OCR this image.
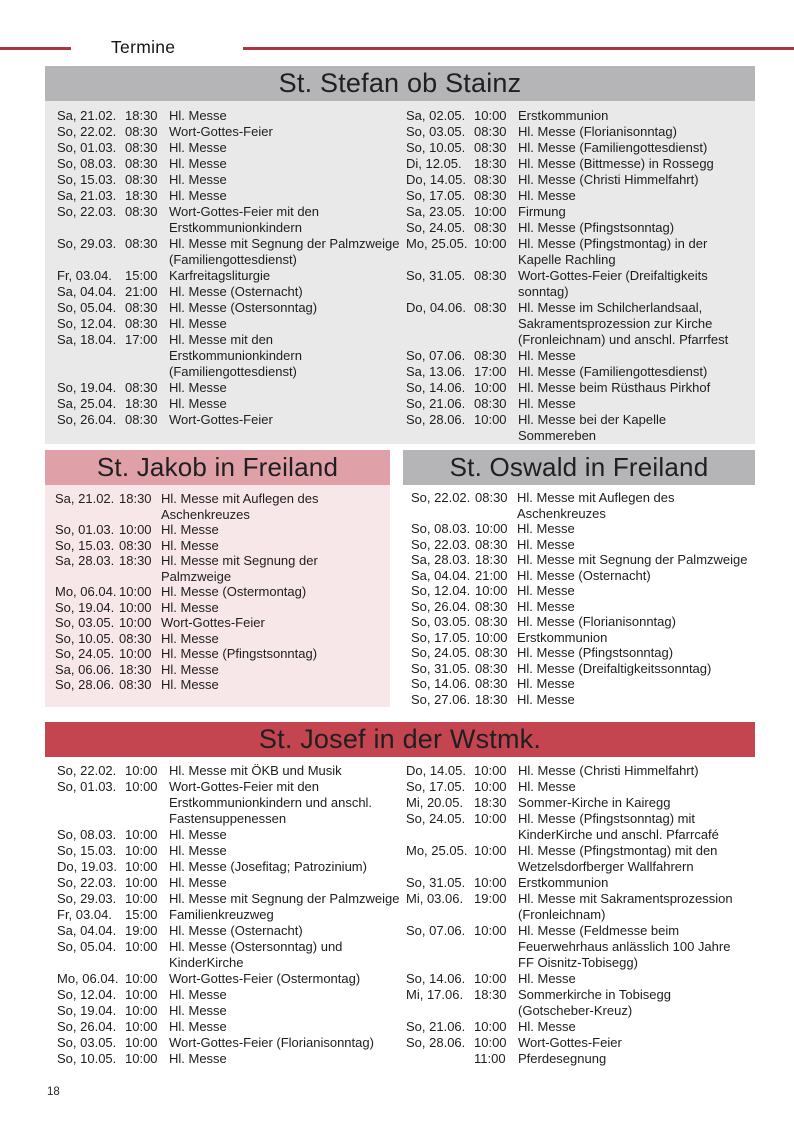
Termine
St. Stefan ob Stainz
Sa, 21.02. 18:30 Hl. Messe
So, 22.02. 08:30 Wort-Gottes-Feier
So, 01.03. 08:30 Hl. Messe
So, 08.03. 08:30 Hl. Messe
So, 15.03. 08:30 Hl. Messe
Sa, 21.03. 18:30 Hl. Messe
So, 22.03. 08:30 Wort-Gottes-Feier mit den Erstkommunionkindern
So, 29.03. 08:30 Hl. Messe mit Segnung der Palmzweige (Familiengottesdienst)
Fr, 03.04.	15:00 Karfreitagsliturgie
Sa, 04.04. 21:00 Hl. Messe (Osternacht)
So, 05.04. 08:30 Hl. Messe (Ostersonntag)
So, 12.04. 08:30 Hl. Messe
Sa, 18.04. 17:00 Hl. Messe mit den Erstkommunionkindern (Familiengottesdienst)
So, 19.04. 08:30 Hl. Messe
Sa, 25.04. 18:30 Hl. Messe
So, 26.04. 08:30 Wort-Gottes-Feier
Sa, 02.05. 10:00 Erstkommunion
So, 03.05. 08:30 Hl. Messe (Florianisonntag)
So, 10.05. 08:30 Hl. Messe (Familiengottesdienst)
Di, 12.05. 18:30 Hl. Messe (Bittmesse) in Rossegg
Do, 14.05. 08:30 Hl. Messe (Christi Himmelfahrt)
So, 17.05. 08:30 Hl. Messe
Sa, 23.05. 10:00 Firmung
So, 24.05. 08:30 Hl. Messe (Pfingstsonntag)
Mo, 25.05. 10:00 Hl. Messe (Pfingstmontag) in der Kapelle Rachling
So, 31.05. 08:30 Wort-Gottes-Feier (Dreifaltigkeits sonntag)
Do, 04.06. 08:30 Hl. Messe im Schilcherlandsaal, Sakramentsprozession zur Kirche (Fronleichnam) und anschl. Pfarrfest
So, 07.06. 08:30 Hl. Messe
Sa, 13.06. 17:00 Hl. Messe (Familiengottesdienst)
So, 14.06. 10:00 Hl. Messe beim Rüsthaus Pirkhof
So, 21.06. 08:30 Hl. Messe
So, 28.06. 10:00 Hl. Messe bei der Kapelle Sommereben
St. Jakob in Freiland
Sa, 21.02. 18:30 Hl. Messe mit Auflegen des Aschenkreuzes
So, 01.03. 10:00 Hl. Messe
So, 15.03. 08:30 Hl. Messe
Sa, 28.03. 18:30 Hl. Messe mit Segnung der Palmzweige
Mo, 06.04. 10:00 Hl. Messe (Ostermontag)
So, 19.04. 10:00 Hl. Messe
So, 03.05. 10:00 Wort-Gottes-Feier
So, 10.05. 08:30 Hl. Messe
So, 24.05. 10:00 Hl. Messe (Pfingstsonntag)
Sa, 06.06. 18:30 Hl. Messe
So, 28.06. 08:30 Hl. Messe
St. Oswald in Freiland
So, 22.02. 08:30 Hl. Messe mit Auflegen des Aschenkreuzes
So, 08.03. 10:00 Hl. Messe
So, 22.03. 08:30 Hl. Messe
Sa, 28.03. 18:30 Hl. Messe mit Segnung der Palmzweige
Sa, 04.04. 21:00 Hl. Messe (Osternacht)
So, 12.04. 10:00 Hl. Messe
So, 26.04. 08:30 Hl. Messe
So, 03.05. 08:30 Hl. Messe (Florianisonntag)
So, 17.05. 10:00 Erstkommunion
So, 24.05. 08:30 Hl. Messe (Pfingstsonntag)
So, 31.05. 08:30 Hl. Messe (Dreifaltigkeitssonntag)
So, 14.06. 08:30 Hl. Messe
So, 27.06. 18:30 Hl. Messe
St. Josef in der Wstmk.
So, 22.02. 10:00 Hl. Messe mit ÖKB und Musik
So, 01.03. 10:00 Wort-Gottes-Feier mit den Erstkommunionkindern und anschl. Fastensuppenessen
So, 08.03. 10:00 Hl. Messe
So, 15.03. 10:00 Hl. Messe
Do, 19.03. 10:00 Hl. Messe (Josefitag; Patrozinium)
So, 22.03. 10:00 Hl. Messe
So, 29.03. 10:00 Hl. Messe mit Segnung der Palmzweige
Fr, 03.04.	15:00 Familienkreuzweg
Sa, 04.04. 19:00 Hl. Messe (Osternacht)
So, 05.04. 10:00 Hl. Messe (Ostersonntag) und KinderKirche
Mo, 06.04. 10:00 Wort-Gottes-Feier (Ostermontag)
So, 12.04. 10:00 Hl. Messe
So, 19.04. 10:00 Hl. Messe
So, 26.04. 10:00 Hl. Messe
So, 03.05. 10:00 Wort-Gottes-Feier (Florianisonntag)
So, 10.05. 10:00 Hl. Messe
Do, 14.05. 10:00 Hl. Messe (Christi Himmelfahrt)
So, 17.05. 10:00 Hl. Messe
Mi, 20.05. 18:30 Sommer-Kirche in Kairegg
So, 24.05. 10:00 Hl. Messe (Pfingstsonntag) mit KinderKirche und anschl. Pfarrcafé
Mo, 25.05. 10:00 Hl. Messe (Pfingstmontag) mit den Wetzelsdorfberger Wallfahrern
So, 31.05. 10:00 Erstkommunion
Mi, 03.06. 19:00 Hl. Messe mit Sakramentsprozession (Fronleichnam)
So, 07.06. 10:00 Hl. Messe (Feldmesse beim Feuerwehrhaus anlässlich 100 Jahre FF Oisnitz-Tobisegg)
So, 14.06. 10:00 Hl. Messe
Mi, 17.06. 18:30 Sommerkirche in Tobisegg (Gotscheber-Kreuz)
So, 21.06. 10:00 Hl. Messe
So, 28.06. 10:00 Wort-Gottes-Feier
11:00 Pferdesegnung
18
